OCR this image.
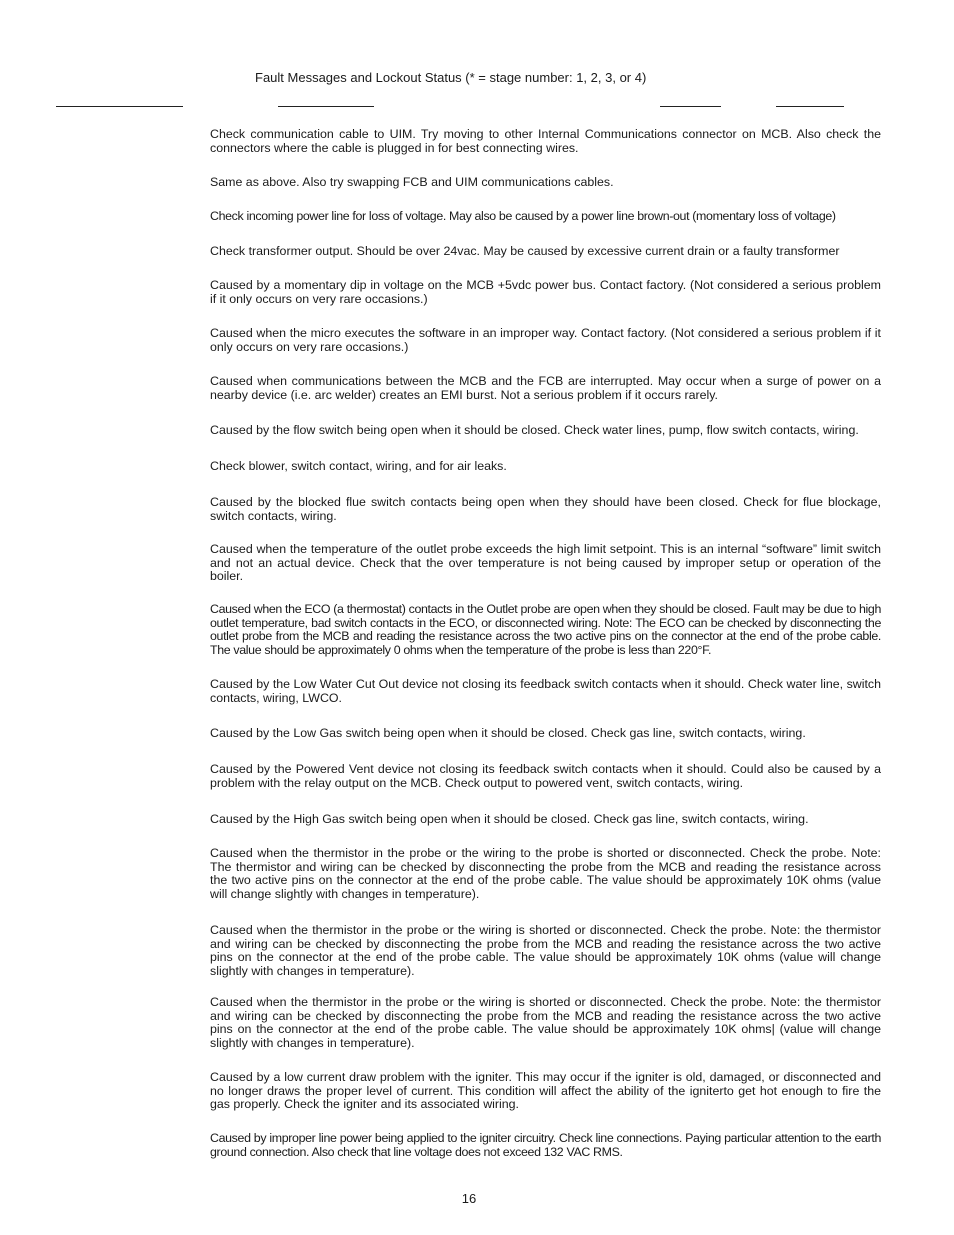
Fault Messages and Lockout Status (* = stage number: 1, 2, 3, or 4)
Check communication cable to UIM. Try moving to other Internal Communications connector on MCB. Also check the connectors where the cable is plugged in for best connecting wires.
Same as above. Also try swapping FCB and UIM communications cables.
Check incoming power line for loss of voltage. May also be caused by a power line brown-out (momentary loss of voltage)
Check transformer output. Should be over 24vac. May be caused by excessive current drain or a faulty transformer
Caused by a momentary dip in voltage on the MCB +5vdc power bus. Contact factory. (Not considered a serious problem if it only occurs on very rare occasions.)
Caused when the micro executes the software in an improper way. Contact factory. (Not considered a serious problem if it only occurs on very rare occasions.)
Caused when communications between the MCB and the FCB are interrupted. May occur when a surge of power on a nearby device (i.e. arc welder) creates an EMI burst. Not a serious problem if it occurs rarely.
Caused by the flow switch being open when it should be closed. Check water lines, pump, flow switch contacts, wiring.
Check blower, switch contact, wiring, and for air leaks.
Caused by the blocked flue switch contacts being open when they should have been closed. Check for flue blockage, switch contacts, wiring.
Caused when the temperature of the outlet probe exceeds the high limit setpoint. This is an internal “software” limit switch and not an actual device. Check that the over temperature is not being caused by improper setup or operation of the boiler.
Caused when the ECO (a thermostat) contacts in the Outlet probe are open when they should be closed. Fault may be due to high outlet temperature, bad switch contacts in the ECO, or disconnected wiring. Note: The ECO can be checked by disconnecting the outlet probe from the MCB and reading the resistance across the two active pins on the connector at the end of the probe cable. The value should be approximately 0 ohms when the temperature of the probe is less than 220°F.
Caused by the Low Water Cut Out device not closing its feedback switch contacts when it should. Check water line, switch contacts, wiring, LWCO.
Caused by the Low Gas switch being open when it should be closed. Check gas line, switch contacts, wiring.
Caused by the Powered Vent device not closing its feedback switch contacts when it should. Could also be caused by a problem with the relay output on the MCB. Check output to powered vent, switch contacts, wiring.
Caused by the High Gas switch being open when it should be closed. Check gas line, switch contacts, wiring.
Caused when the thermistor in the probe or the wiring to the probe is shorted or disconnected. Check the probe. Note: The thermistor and wiring can be checked by disconnecting the probe from the MCB and reading the resistance across the two active pins on the connector at the end of the probe cable. The value should be approximately 10K ohms (value will change slightly with changes in temperature).
Caused when the thermistor in the probe or the wiring is shorted or disconnected. Check the probe. Note: the thermistor and wiring can be checked by disconnecting the probe from the MCB and reading the resistance across the two active pins on the connector at the end of the probe cable. The value should be approximately 10K ohms (value will change slightly with changes in temperature).
Caused when the thermistor in the probe or the wiring is shorted or disconnected. Check the probe. Note: the thermistor and wiring can be checked by disconnecting the probe from the MCB and reading the resistance across the two active pins on the connector at the end of the probe cable. The value should be approximately 10K ohms| (value will change slightly with changes in temperature).
Caused by a low current draw problem with the igniter. This may occur if the igniter is old, damaged, or disconnected and no longer draws the proper level of current. This condition will affect the ability of the igniterto get hot enough to fire the gas properly. Check the igniter and its associated wiring.
Caused by improper line power being applied to the igniter circuitry. Check line connections. Paying particular attention to the earth ground connection. Also check that line voltage does not exceed 132 VAC RMS.
16
